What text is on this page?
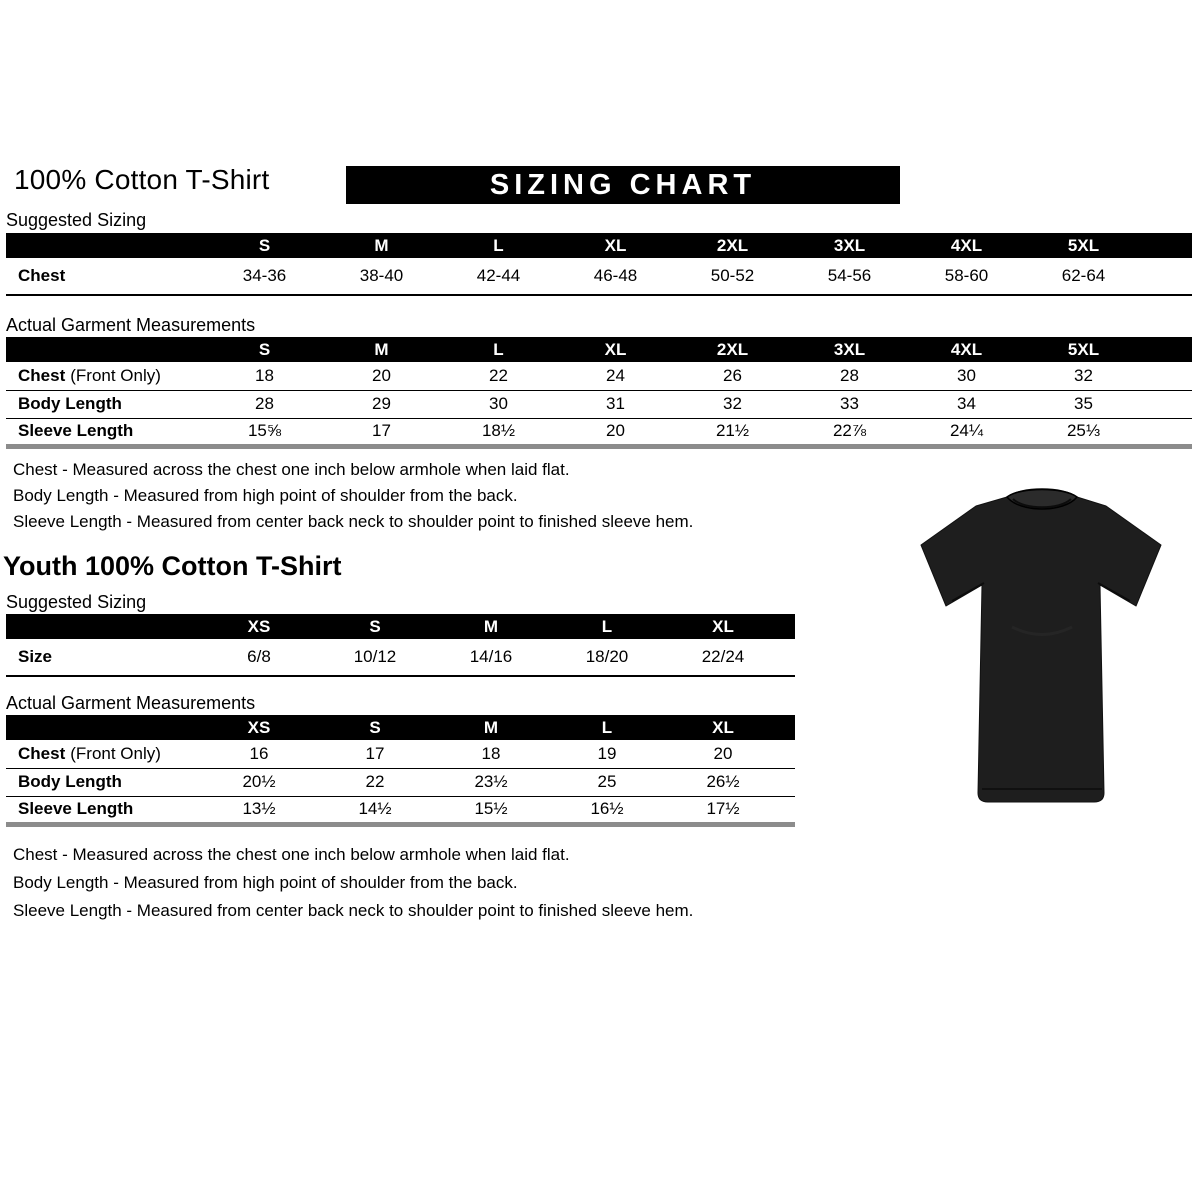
100% Cotton T-Shirt	SIZING CHART
Suggested Sizing
	S	M	L	XL	2XL	3XL	4XL	5XL	
Chest	34-36	38-40	42-44	46-48	50-52	54-56	58-60	62-64	
Actual Garment Measurements
	S	M	L	XL	2XL	3XL	4XL	5XL	
Chest (Front Only)	18	20	22	24	26	28	30	32	
Body Length	28	29	30	31	32	33	34	35	
Sleeve Length	15⅝	17	18½	20	21½	22⅞	24¼	25⅓	
Chest - Measured across the chest one inch below armhole when laid flat.
Body Length - Measured from high point of shoulder from the back.
Sleeve Length - Measured from center back neck to shoulder point to finished sleeve hem.
Youth 100% Cotton T-Shirt
Suggested Sizing
	XS	S	M	L	XL	
Size	6/8	10/12	14/16	18/20	22/24	
Actual Garment Measurements
	XS	S	M	L	XL	
Chest (Front Only)	16	17	18	19	20	
Body Length	20½	22	23½	25	26½	
Sleeve Length	13½	14½	15½	16½	17½	
Chest - Measured across the chest one inch below armhole when laid flat.
Body Length - Measured from high point of shoulder from the back.
Sleeve Length - Measured from center back neck to shoulder point to finished sleeve hem.
